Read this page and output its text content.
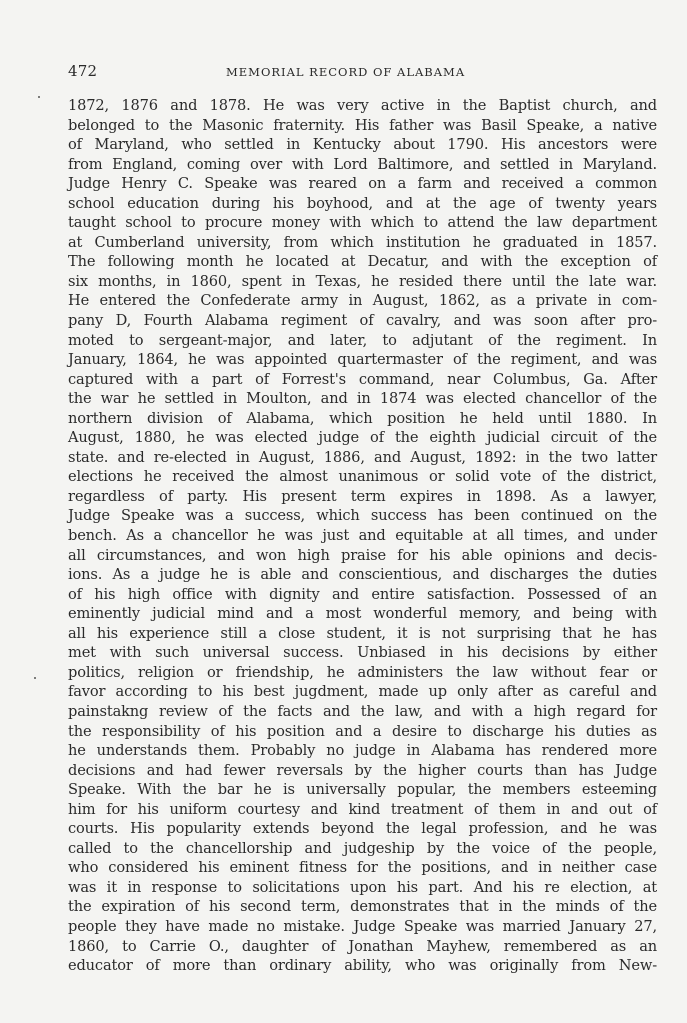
472	MEMORIAL RECORD OF ALABAMA
1872, 1876 and 1878. He was very active in the Baptist church, and
belonged to the Masonic fraternity. His father was Basil Speake, a native
of Maryland, who settled in Kentucky about 1790. His ancestors were
from England, coming over with Lord Baltimore, and settled in Maryland.
Judge Henry C. Speake was reared on a farm and received a common
school education during his boyhood, and at the age of twenty years
taught school to procure money with which to attend the law department
at Cumberland university, from which institution he graduated in 1857.
The following month he located at Decatur, and with the exception of
six months, in 1860, spent in Texas, he resided there until the late war.
He entered the Confederate army in August, 1862, as a private in com-
pany D, Fourth Alabama regiment of cavalry, and was soon after pro-
moted to sergeant-major, and later, to adjutant of the regiment. In
January, 1864, he was appointed quartermaster of the regiment, and was
captured with a part of Forrest's command, near Columbus, Ga. After
the war he settled in Moulton, and in 1874 was elected chancellor of the
northern division of Alabama, which position he held until 1880. In
August, 1880, he was elected judge of the eighth judicial circuit of the
state. and re-elected in August, 1886, and August, 1892: in the two latter
elections he received the almost unanimous or solid vote of the district,
regardless of party. His present term expires in 1898. As a lawyer,
Judge Speake was a success, which success has been continued on the
bench. As a chancellor he was just and equitable at all times, and under
all circumstances, and won high praise for his able opinions and decis-
ions. As a judge he is able and conscientious, and discharges the duties
of his high office with dignity and entire satisfaction. Possessed of an
eminently judicial mind and a most wonderful memory, and being with
all his experience still a close student, it is not surprising that he has
met with such universal success. Unbiased in his decisions by either
politics, religion or friendship, he administers the law without fear or
favor according to his best jugdment, made up only after as careful and
painstakng review of the facts and the law, and with a high regard for
the responsibility of his position and a desire to discharge his duties as
he understands them. Probably no judge in Alabama has rendered more
decisions and had fewer reversals by the higher courts than has Judge
Speake. With the bar he is universally popular, the members esteeming
him for his uniform courtesy and kind treatment of them in and out of
courts. His popularity extends beyond the legal profession, and he was
called to the chancellorship and judgeship by the voice of the people,
who considered his eminent fitness for the positions, and in neither case
was it in response to solicitations upon his part. And his re election, at
the expiration of his second term, demonstrates that in the minds of the
people they have made no mistake. Judge Speake was married January 27,
1860, to Carrie O., daughter of Jonathan Mayhew, remembered as an
educator of more than ordinary ability, who was originally from New-
